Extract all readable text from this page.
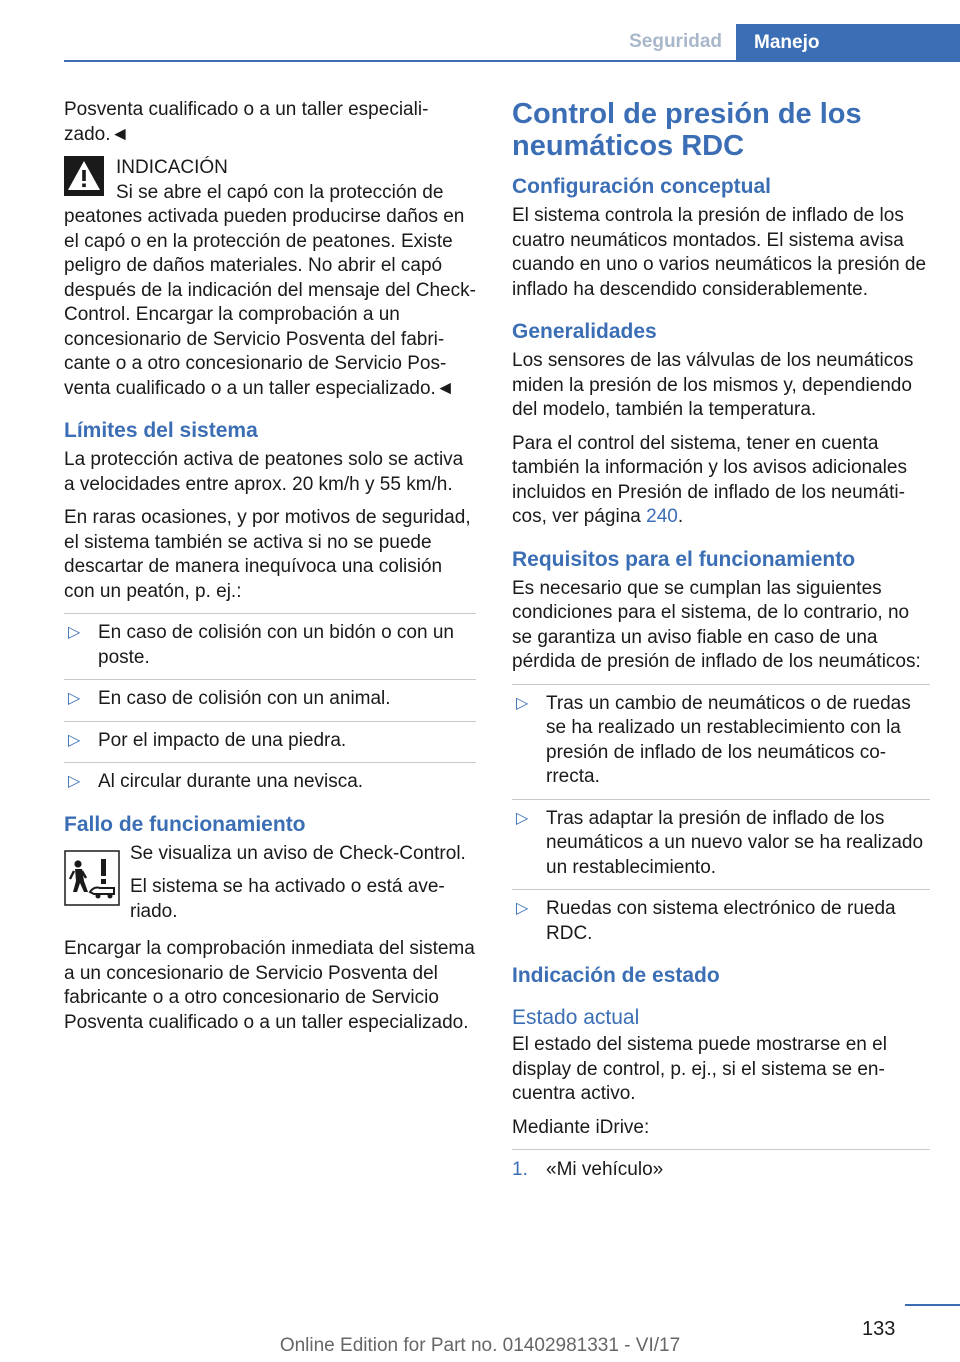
Seguridad	Manejo

Posventa cualificado o a un taller especializado.◄

INDICACIÓN

Si se abre el capó con la protección de peatones activada pueden producirse daños en el capó o en la protección de peatones. Existe peligro de daños materiales. No abrir el capó después de la indicación del mensaje del Check-Control. Encargar la comprobación a un concesionario de Servicio Posventa del fabricante o a otro concesionario de Servicio Posventa cualificado o a un taller especializado.◄

Límites del sistema

La protección activa de peatones solo se activa a velocidades entre aprox. 20 km/h y 55 km/h.

En raras ocasiones, y por motivos de seguridad, el sistema también se activa si no se puede descartar de manera inequívoca una colisión con un peatón, p. ej.:

▷ En caso de colisión con un bidón o con un poste.
▷ En caso de colisión con un animal.
▷ Por el impacto de una piedra.
▷ Al circular durante una nevisca.
Fallo de funcionamiento

Se visualiza un aviso de Check-Control.

El sistema se ha activado o está averiado.

Encargar la comprobación inmediata del sistema a un concesionario de Servicio Posventa del fabricante o a otro concesionario de Servicio Posventa cualificado o a un taller especializado.

Control de presión de los neumáticos RDC
Configuración conceptual

El sistema controla la presión de inflado de los cuatro neumáticos montados. El sistema avisa cuando en uno o varios neumáticos la presión de inflado ha descendido considerablemente.

Generalidades

Los sensores de las válvulas de los neumáticos miden la presión de los mismos y, dependiendo del modelo, también la temperatura.

Para el control del sistema, tener en cuenta también la información y los avisos adicionales incluidos en Presión de inflado de los neumáticos, ver página 240.

Requisitos para el funcionamiento

Es necesario que se cumplan las siguientes condiciones para el sistema, de lo contrario, no se garantiza un aviso fiable en caso de una pérdida de presión de inflado de los neumáticos:

▷ Tras un cambio de neumáticos o de ruedas se ha realizado un restablecimiento con la presión de inflado de los neumáticos correcta.
▷ Tras adaptar la presión de inflado de los neumáticos a un nuevo valor se ha realizado un restablecimiento.
▷ Ruedas con sistema electrónico de rueda RDC.
Indicación de estado
Estado actual

El estado del sistema puede mostrarse en el display de control, p. ej., si el sistema se encuentra activo.

Mediante iDrive:

1. «Mi vehículo»
133
Online Edition for Part no. 01402981331 - VI/17
